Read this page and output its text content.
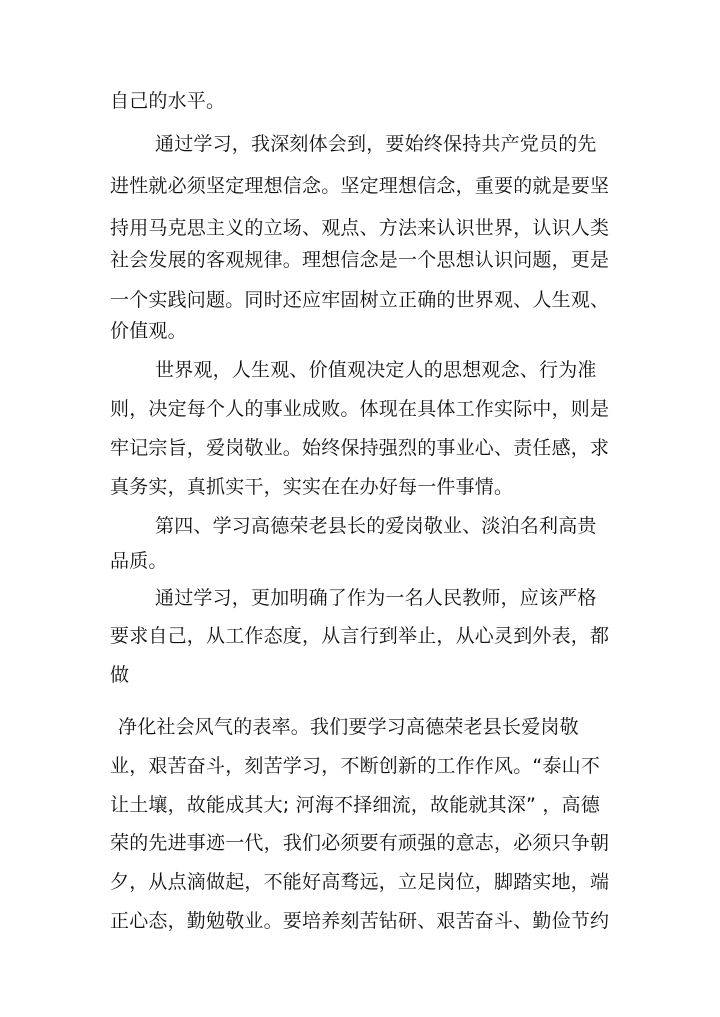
自己的水平。
通过学习，我深刻体会到，要始终保持共产党员的先
进性就必须坚定理想信念。坚定理想信念，重要的就是要坚
持用马克思主义的立场、观点、方法来认识世界，认识人类
社会发展的客观规律。理想信念是一个思想认识问题，更是
一个实践问题。同时还应牢固树立正确的世界观、人生观、
价值观。
世界观，人生观、价值观决定人的思想观念、行为准
则，决定每个人的事业成败。体现在具体工作实际中，则是
牢记宗旨，爱岗敬业。始终保持强烈的事业心、责任感，求
真务实，真抓实干，实实在在办好每一件事情。
第四、学习高德荣老县长的爱岗敬业、淡泊名利高贵
品质。
通过学习，更加明确了作为一名人民教师，应该严格
要求自己，从工作态度，从言行到举止，从心灵到外表，都
做
净化社会风气的表率。我们要学习高德荣老县长爱岗敬
业，艰苦奋斗，刻苦学习，不断创新的工作作风。“泰山不
让土壤，故能成其大; 河海不择细流，故能就其深” ，高德
荣的先进事迹一代，我们必须要有顽强的意志，必须只争朝
夕，从点滴做起，不能好高骛远，立足岗位，脚踏实地，端
正心态，勤勉敬业。要培养刻苦钻研、艰苦奋斗、勤俭节约
